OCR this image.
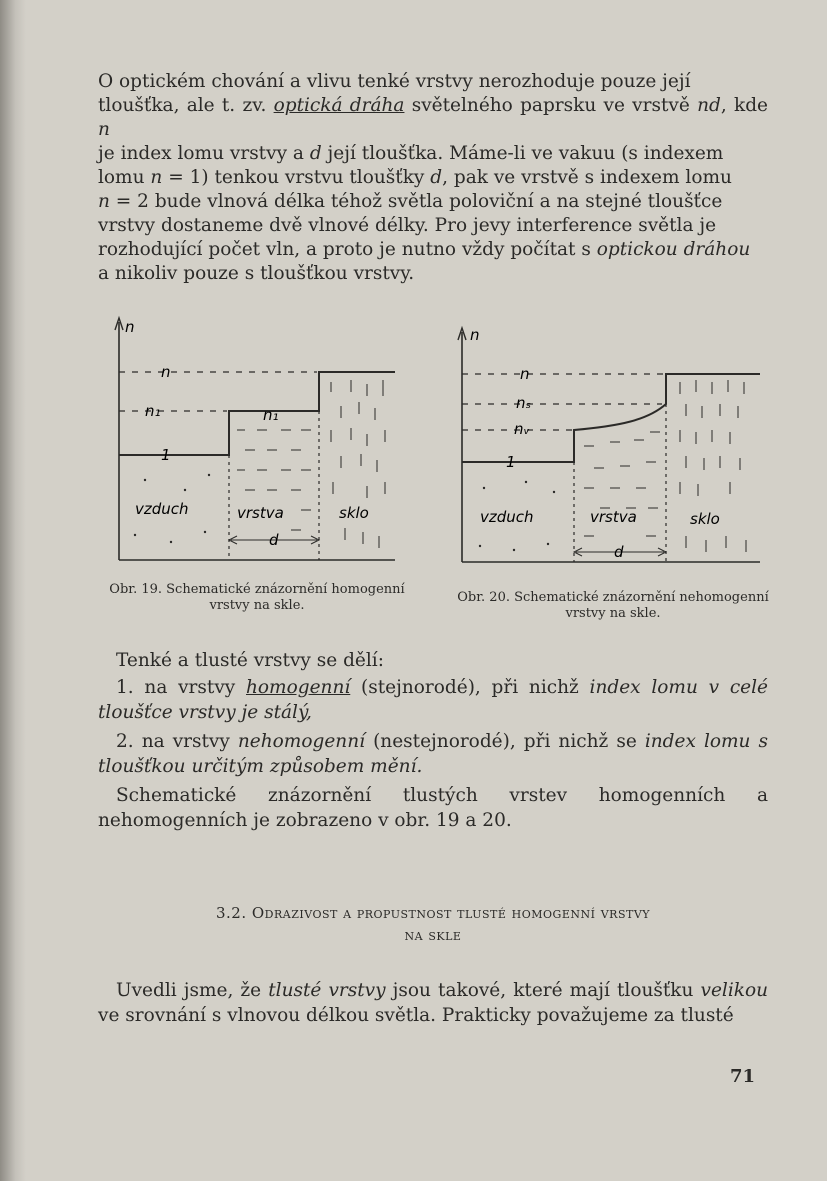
O optickém chování a vlivu tenké vrstvy nerozhoduje pouze její

tloušťka, ale t. zv. optická dráha světelného paprsku ve vrstvě nd, kde n

je index lomu vrstvy a d její tloušťka. Máme-li ve vakuu (s indexem

lomu n = 1) tenkou vrstvu tloušťky d, pak ve vrstvě s indexem lomu

n = 2 bude vlnová délka téhož světla poloviční a na stejné tloušťce

vrstvy dostaneme dvě vlnové délky. Pro jevy interference světla je

rozhodující počet vln, a proto je nutno vždy počítat s optickou dráhou

a nikoliv pouze s tloušťkou vrstvy.

n
n
n₁
1
n₁
vzduch	vrstva	sklo
d
Obr. 19. Schematické znázornění homogenní vrstvy na skle.
n
n
nₛ
nᵥ
1
vzduch	vrstva	sklo
d
Obr. 20. Schematické znázornění nehomogenní vrstvy na skle.

Tenké a tlusté vrstvy se dělí:

1. na vrstvy homogenní (stejnorodé), při nichž index lomu v celé tloušťce vrstvy je stálý,

2. na vrstvy nehomogenní (nestejnorodé), při nichž se index lomu s tloušťkou určitým způsobem mění.

Schematické znázornění tlustých vrstev homogenních a nehomogenních je zobrazeno v obr. 19 a 20.

3.2. Odrazivost a propustnost tlusté homogenní vrstvy
na skle
Uvedli jsme, že tlusté vrstvy jsou takové, které mají tloušťku velikou ve srovnání s vlnovou délkou světla. Prakticky považujeme za tlusté
71
